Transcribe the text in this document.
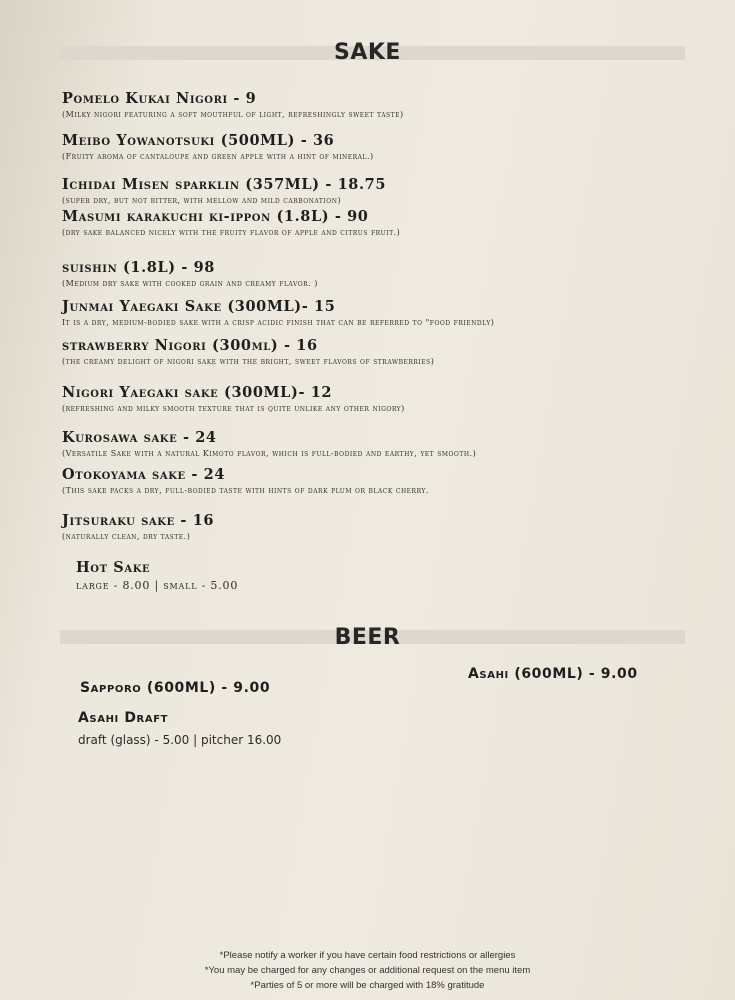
SAKE
Pomelo Kukai Nigori - 9
(Milky nigori featuring a soft mouthful of light, refreshingly sweet taste)
Meibo Yowanotsuki (500ML) - 36
(Fruity aroma of cantaloupe and green apple with a hint of mineral.)
Ichidai Misen sparklin (357ML) - 18.75
(super dry, but not bitter, with mellow and mild carbonation)
Masumi karakuchi ki-ippon (1.8L) - 90
(dry sake balanced nicely with the fruity flavor of apple and citrus fruit.)
suishin (1.8L) - 98
(Medium dry sake with cooked grain and creamy flavor. )
Junmai Yaegaki Sake (300ML)- 15
It is a dry, medium-bodied sake with a crisp acidic finish that can be referred to "food friendly)
strawberry Nigori (300ml) - 16
(the creamy delight of nigori sake with the bright, sweet flavors of strawberries)
Nigori Yaegaki sake (300ML)- 12
(refreshing and milky smooth texture that is quite unlike any other nigory)
Kurosawa sake - 24
(Versatile Sake with a natural Kimoto flavor, which is full-bodied and earthy, yet smooth.)
Otokoyama sake - 24
(This sake packs a dry, full-bodied taste with hints of dark plum or black cherry.
Jitsuraku sake - 16
(naturally clean, dry taste.)
Hot Sake
large - 8.00 | small - 5.00
BEER
Sapporo (600ML) - 9.00
Asahi (600ML) - 9.00
Asahi Draft
draft (glass) - 5.00 | pitcher 16.00
*Please notify a worker if you have certain food restrictions or allergies
*You may be charged for any changes or additional request on the menu item
*Parties of 5 or more will be charged with 18% gratitude
